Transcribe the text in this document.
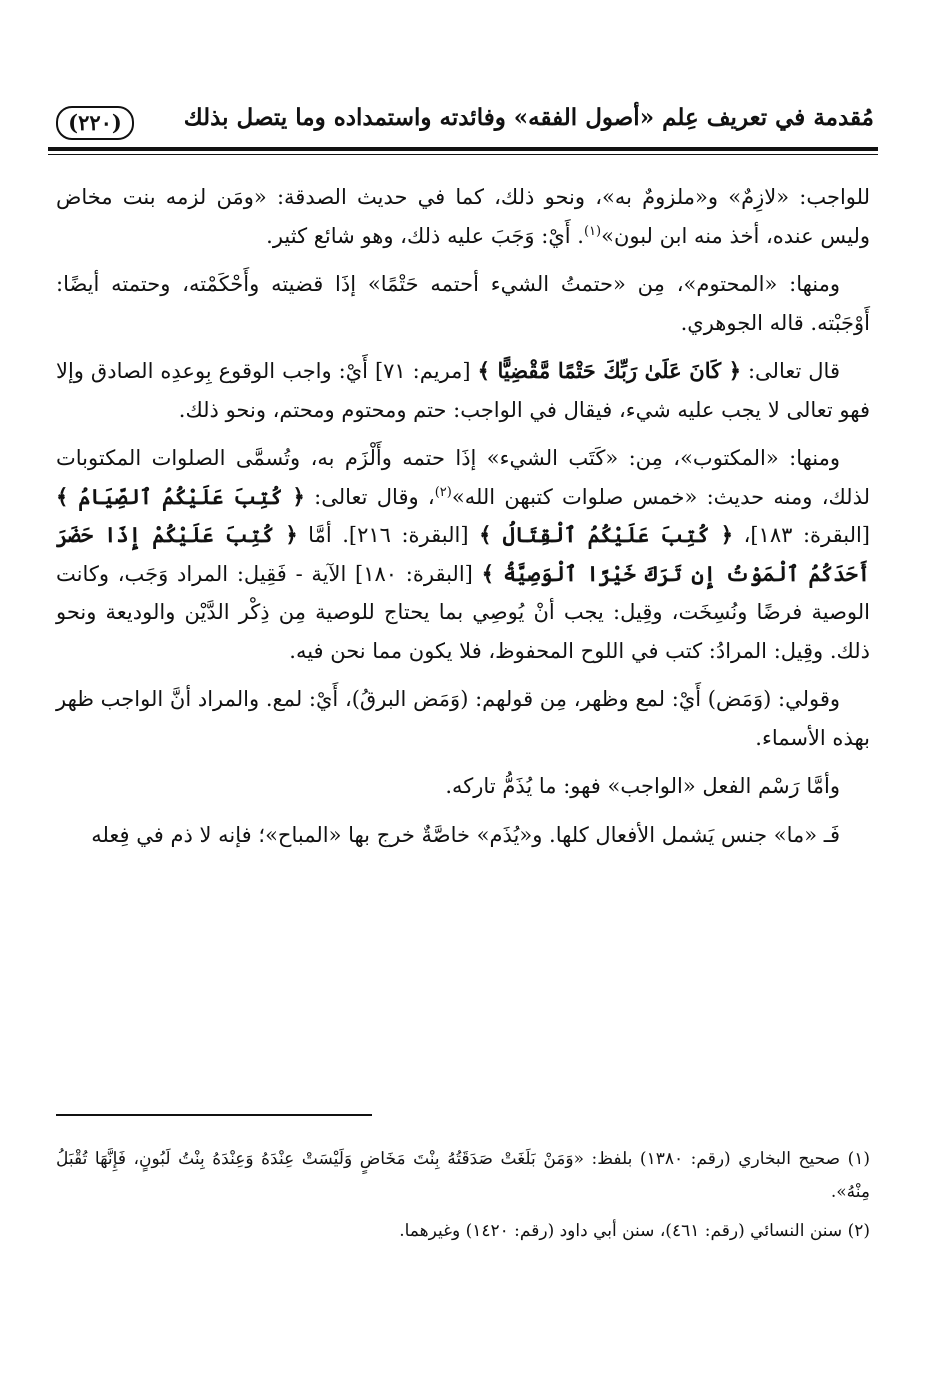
(٢٢٠)	مُقدمة في تعريف عِلم «أصول الفقه» وفائدته واستمداده وما يتصل بذلك

للواجب: «لازِمٌ» و«ملزومٌ به»، ونحو ذلك، كما في حديث الصدقة: «ومَن لزمه بنت مخاض وليس عنده، أخذ منه ابن لبون»$^{(١)}$. أَيْ: وَجَبَ عليه ذلك، وهو شائع كثير.

ومنها: «المحتوم»، مِن «حتمتُ الشيء أحتمه حَتْمًا» إذَا قضيته وأَحْكَمْته، وحتمته أيضًا: أَوْجَبْته. قاله الجوهري.

قال تعالى: ﴿ كَانَ عَلَىٰ رَبِّكَ حَتْمًا مَّقْضِيًّا ﴾ [مريم: ٧١] أَيْ: واجب الوقوع بِوعدِه الصادق وإلا فهو تعالى لا يجب عليه شيء، فيقال في الواجب: حتم ومحتوم ومحتم، ونحو ذلك.

ومنها: «المكتوب»، مِن: «كَتَب الشيء» إذَا حتمه وأَلْزَم به، وتُسمَّى الصلوات المكتوبات لذلك، ومنه حديث: «خمس صلوات كتبهن الله»$^{(٢)}$، وقال تعالى: ﴿ كُتِبَ عَلَيْكُمُ ٱلصِّيَامُ ﴾ [البقرة: ١٨٣]، ﴿ كُتِبَ عَلَيْكُمُ ٱلْقِتَالُ ﴾ [البقرة: ٢١٦]. أمَّا ﴿ كُتِبَ عَلَيْكُمْ إِذَا حَضَرَ أَحَدَكُمُ ٱلْمَوْتُ إِن تَرَكَ خَيْرًا ٱلْوَصِيَّةُ ﴾ [البقرة: ١٨٠] الآية - فَقِيل: المراد وَجَب، وكانت الوصية فرضًا ونُسِخَت، وقِيل: يجب أنْ يُوصِي بما يحتاج للوصية مِن ذِكْر الدَّيْن والوديعة ونحو ذلك. وقِيل: المرادُ: كتب في اللوح المحفوظ، فلا يكون مما نحن فيه.

وقولي: (وَمَض) أَيْ: لمع وظهر، مِن قولهم: (وَمَض البرقُ)، أَيْ: لمع. والمراد أنَّ الواجب ظهر بهذه الأسماء.

وأمَّا رَسْم الفعل «الواجب» فهو: ما يُذَمُّ تاركه.

فَـ «ما» جنس يَشمل الأفعال كلها. و«يُذَم» خاصَّةٌ خرج بها «المباح»؛ فإنه لا ذم في فِعله

(١) صحيح البخاري (رقم: ١٣٨٠) بلفظ: «وَمَنْ بَلَغَتْ صَدَقَتُهُ بِنْتَ مَخَاضٍ وَلَيْسَتْ عِنْدَهُ وَعِنْدَهُ بِنْتُ لَبُونٍ، فَإِنَّهَا تُقْبَلُ مِنْهُ».

(٢) سنن النسائي (رقم: ٤٦١)، سنن أبي داود (رقم: ١٤٢٠) وغيرهما.
